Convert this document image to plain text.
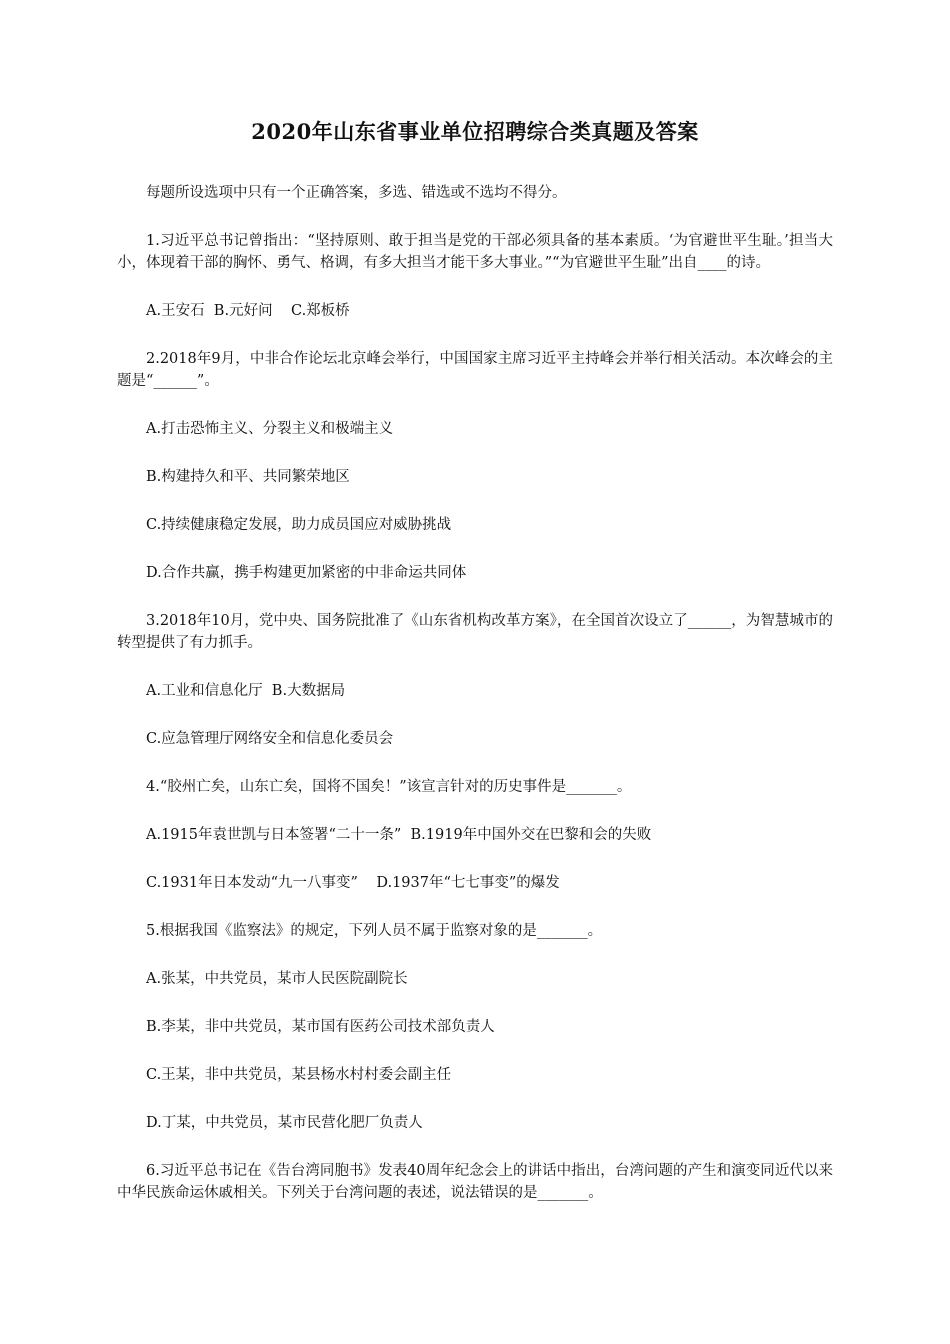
2020年山东省事业单位招聘综合类真题及答案

每题所设选项中只有一个正确答案，多选、错选或不选均不得分。

1.习近平总书记曾指出：“坚持原则、敢于担当是党的干部必须具备的基本素质。‘为官避世平生耻。’担当大小，体现着干部的胸怀、勇气、格调，有多大担当才能干多大事业。”“为官避世平生耻”出自____的诗。

A.王安石  B.元好问    C.郑板桥

2.2018年9月，中非合作论坛北京峰会举行，中国国家主席习近平主持峰会并举行相关活动。本次峰会的主题是“______”。

A.打击恐怖主义、分裂主义和极端主义

B.构建持久和平、共同繁荣地区

C.持续健康稳定发展，助力成员国应对威胁挑战

D.合作共赢，携手构建更加紧密的中非命运共同体

3.2018年10月，党中央、国务院批准了《山东省机构改革方案》，在全国首次设立了______，为智慧城市的转型提供了有力抓手。

A.工业和信息化厅  B.大数据局

C.应急管理厅网络安全和信息化委员会

4.“胶州亡矣，山东亡矣，国将不国矣！”该宣言针对的历史事件是_______。

A.1915年袁世凯与日本签署“二十一条”  B.1919年中国外交在巴黎和会的失败

C.1931年日本发动“九一八事变”    D.1937年“七七事变”的爆发

5.根据我国《监察法》的规定，下列人员不属于监察对象的是_______。

A.张某，中共党员，某市人民医院副院长

B.李某，非中共党员，某市国有医药公司技术部负责人

C.王某，非中共党员，某县杨水村村委会副主任

D.丁某，中共党员，某市民营化肥厂负责人

6.习近平总书记在《告台湾同胞书》发表40周年纪念会上的讲话中指出，台湾问题的产生和演变同近代以来中华民族命运休戚相关。下列关于台湾问题的表述，说法错误的是_______。
